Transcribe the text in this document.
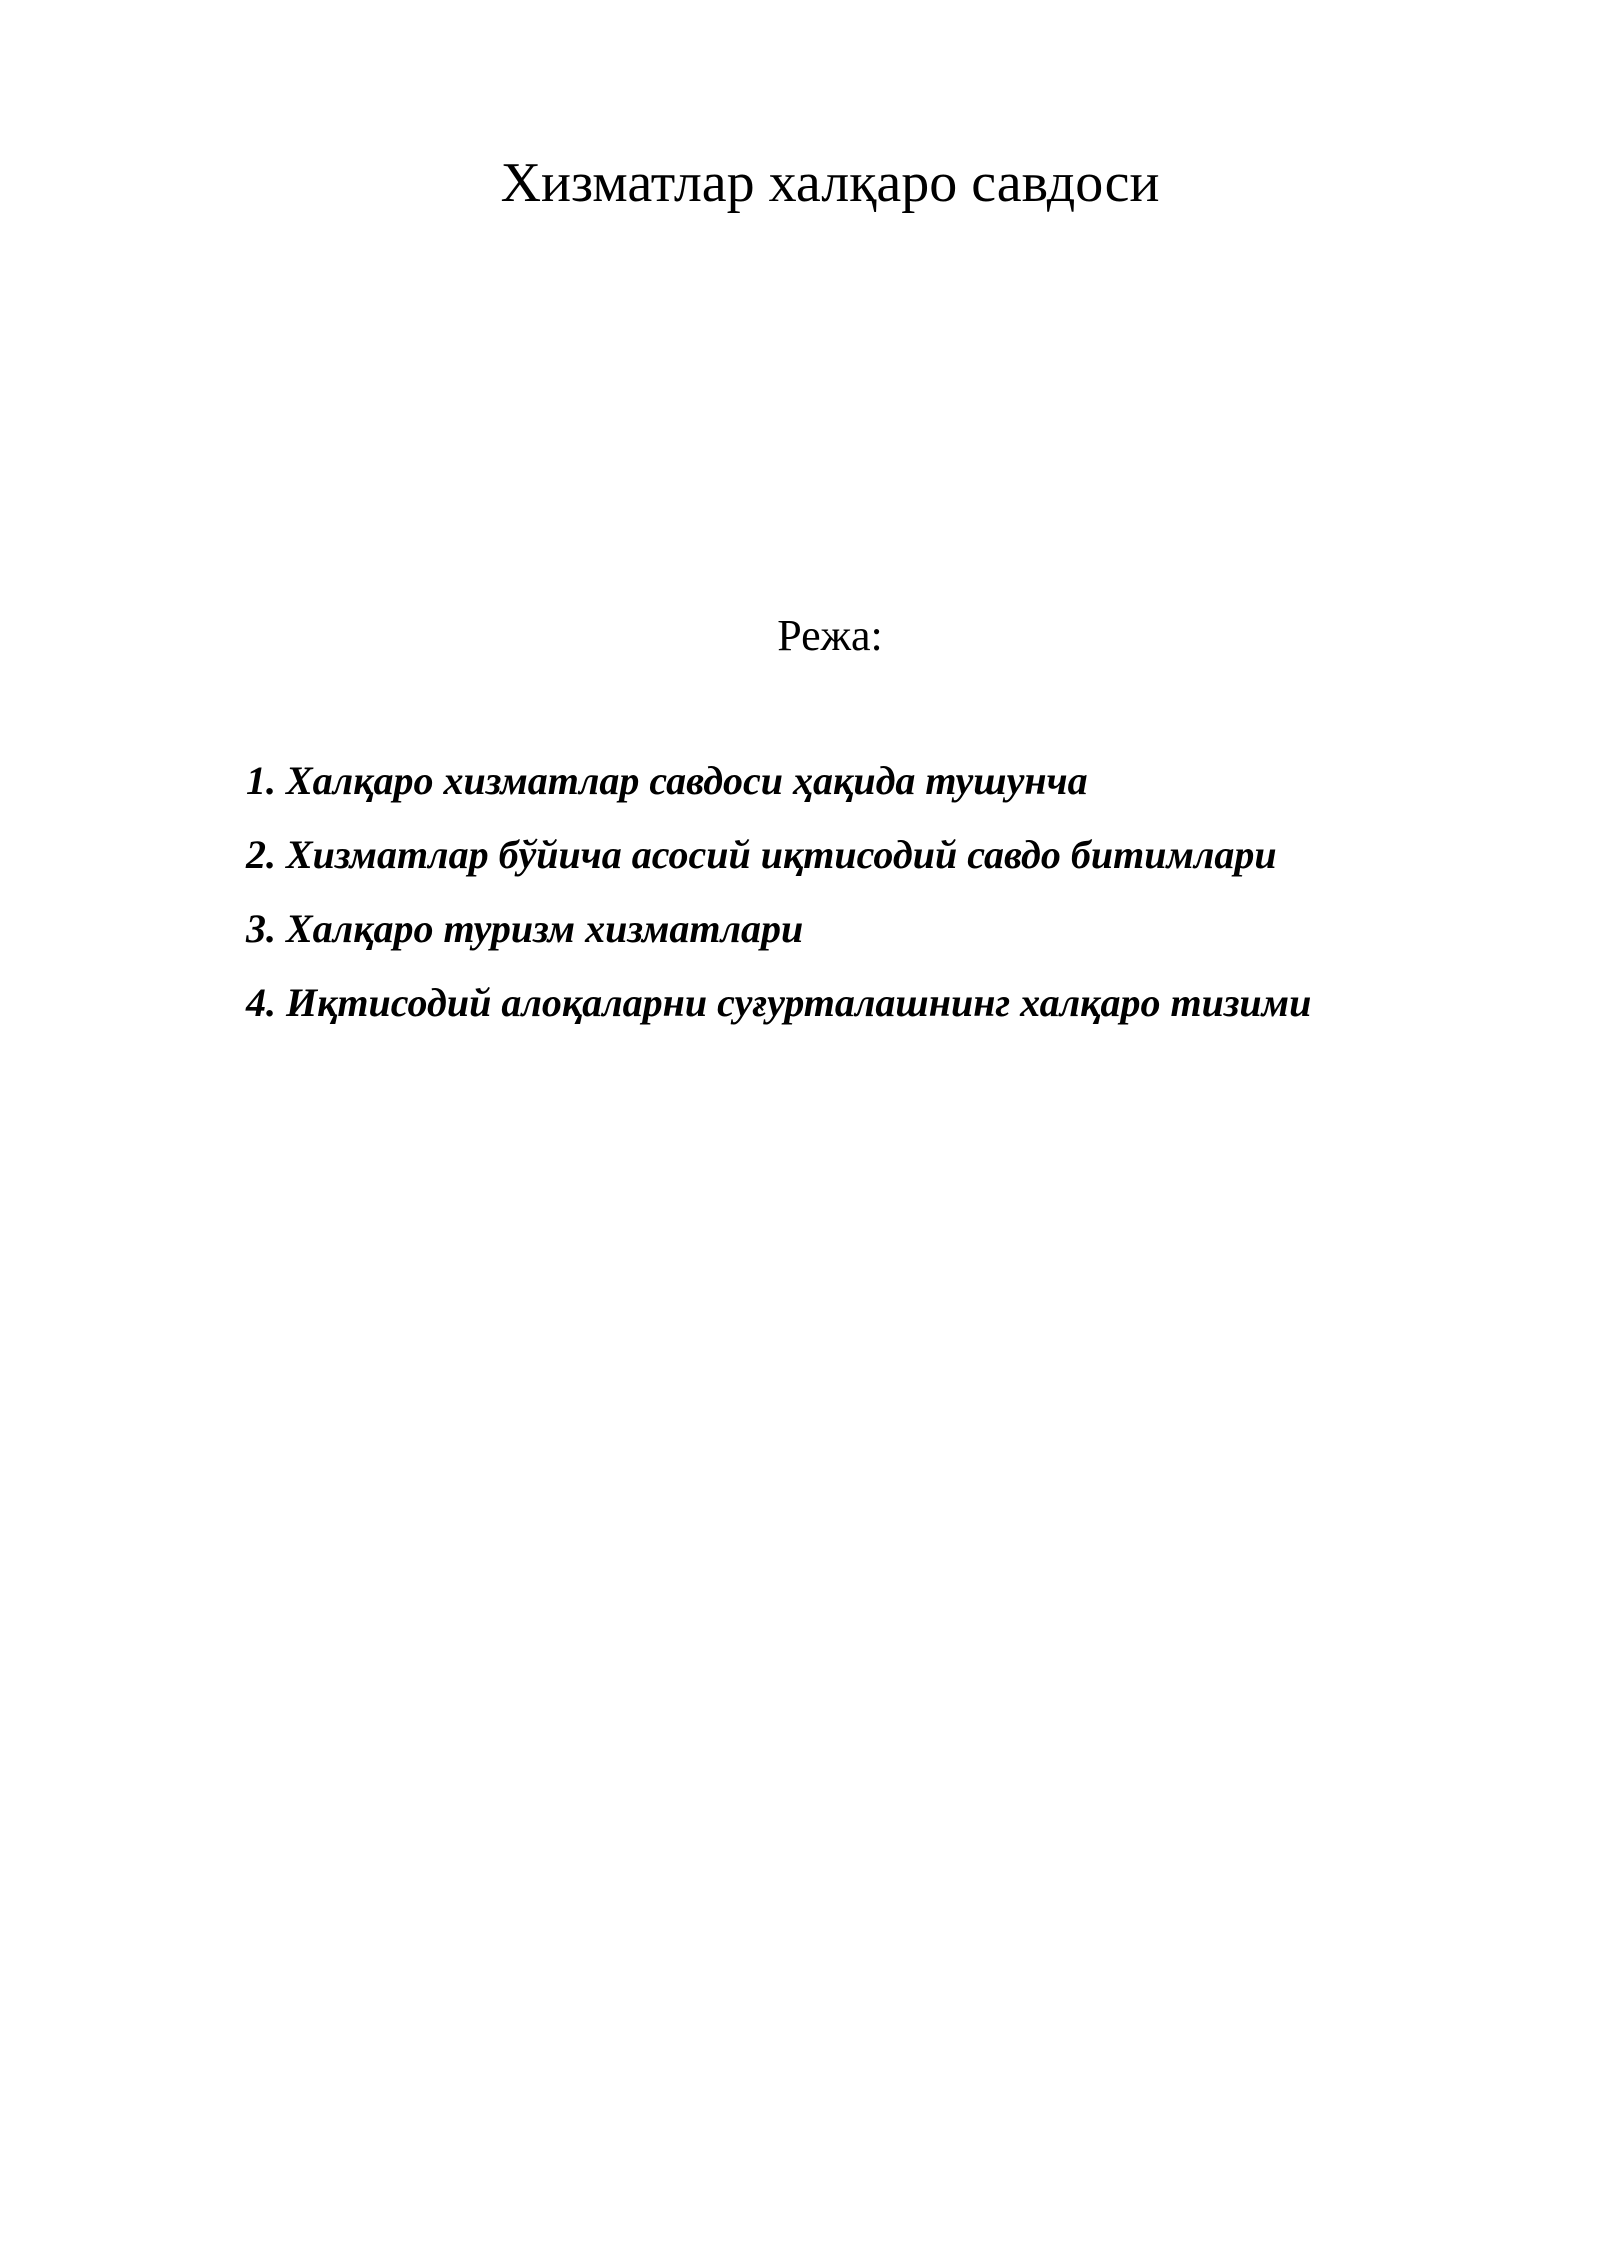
Хизматлар халқаро савдоси
Режа:
1. Халқаро хизматлар савдоси ҳақида тушунча
2. Хизматлар бўйича асосий иқтисодий савдо битимлари
3. Халқаро туризм хизматлари
4. Иқтисодий алоқаларни суғурталашнинг халқаро тизими
